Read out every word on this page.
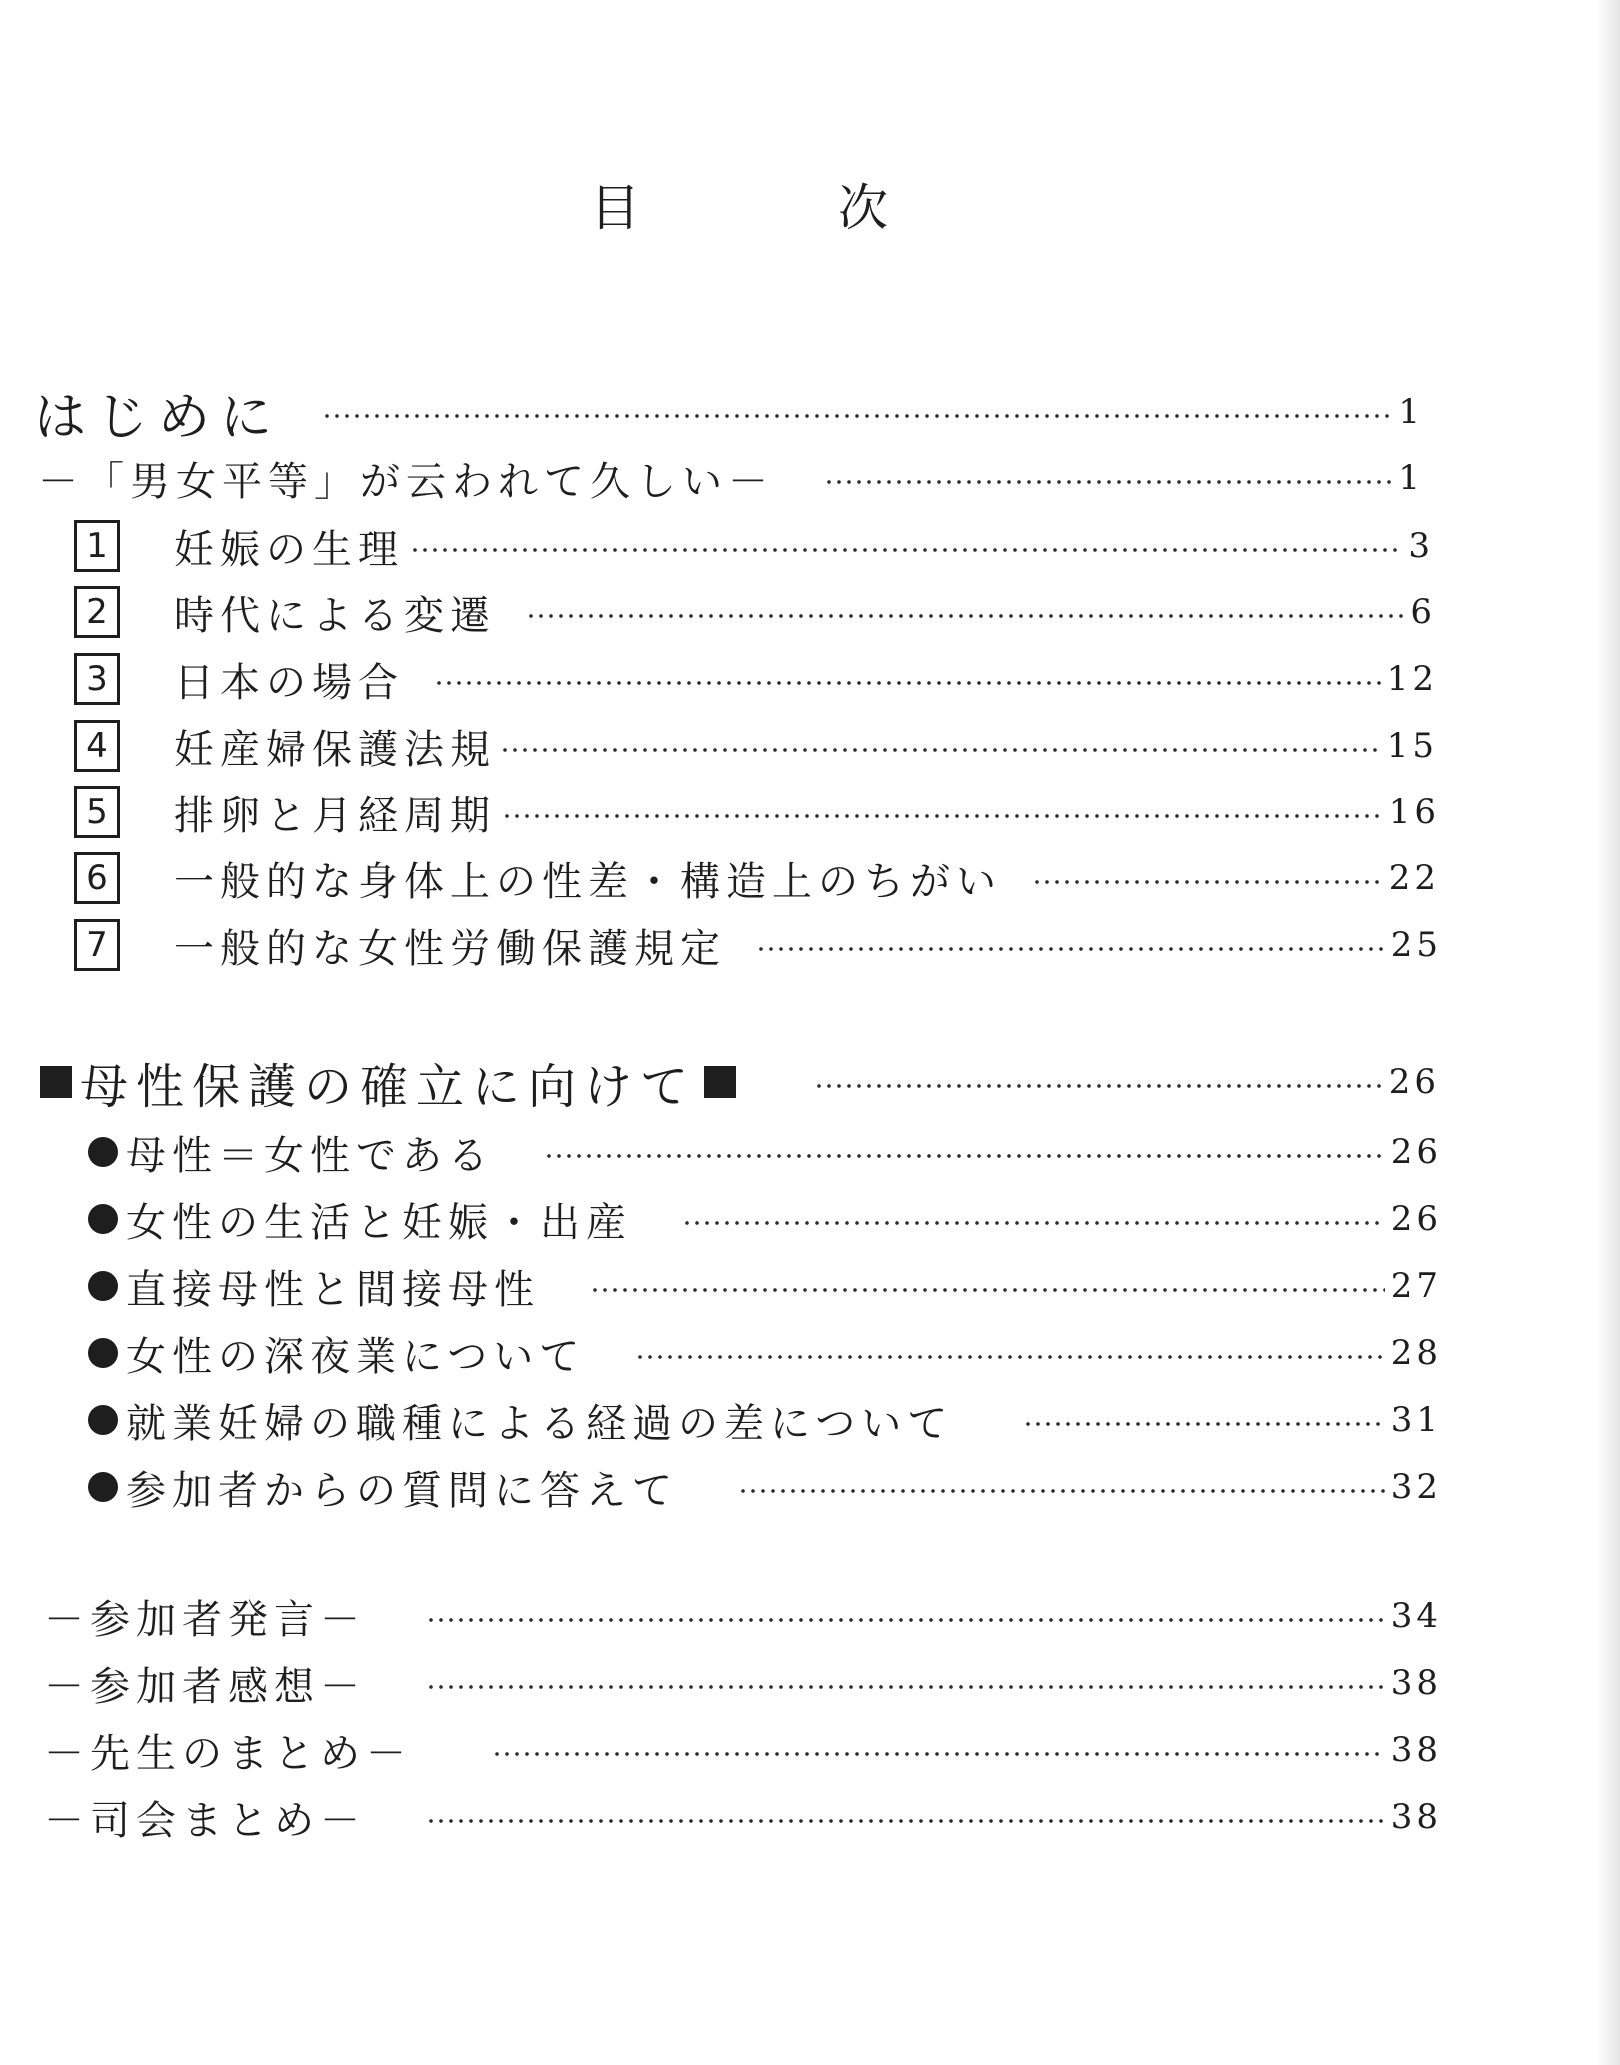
目	次
はじめに	1
－「男女平等」が云われて久しい－	1
1	妊娠の生理	3
2	時代による変遷	6
3	日本の場合	12
4	妊産婦保護法規	15
5	排卵と月経周期	16
6	一般的な身体上の性差・構造上のちがい	22
7	一般的な女性労働保護規定	25
母性保護の確立に向けて	26
母性＝女性である	26
女性の生活と妊娠・出産	26
直接母性と間接母性	27
女性の深夜業について	28
就業妊婦の職種による経過の差について	31
参加者からの質問に答えて	32
－参加者発言－	34
－参加者感想－	38
－先生のまとめ－	38
－司会まとめ－	38
